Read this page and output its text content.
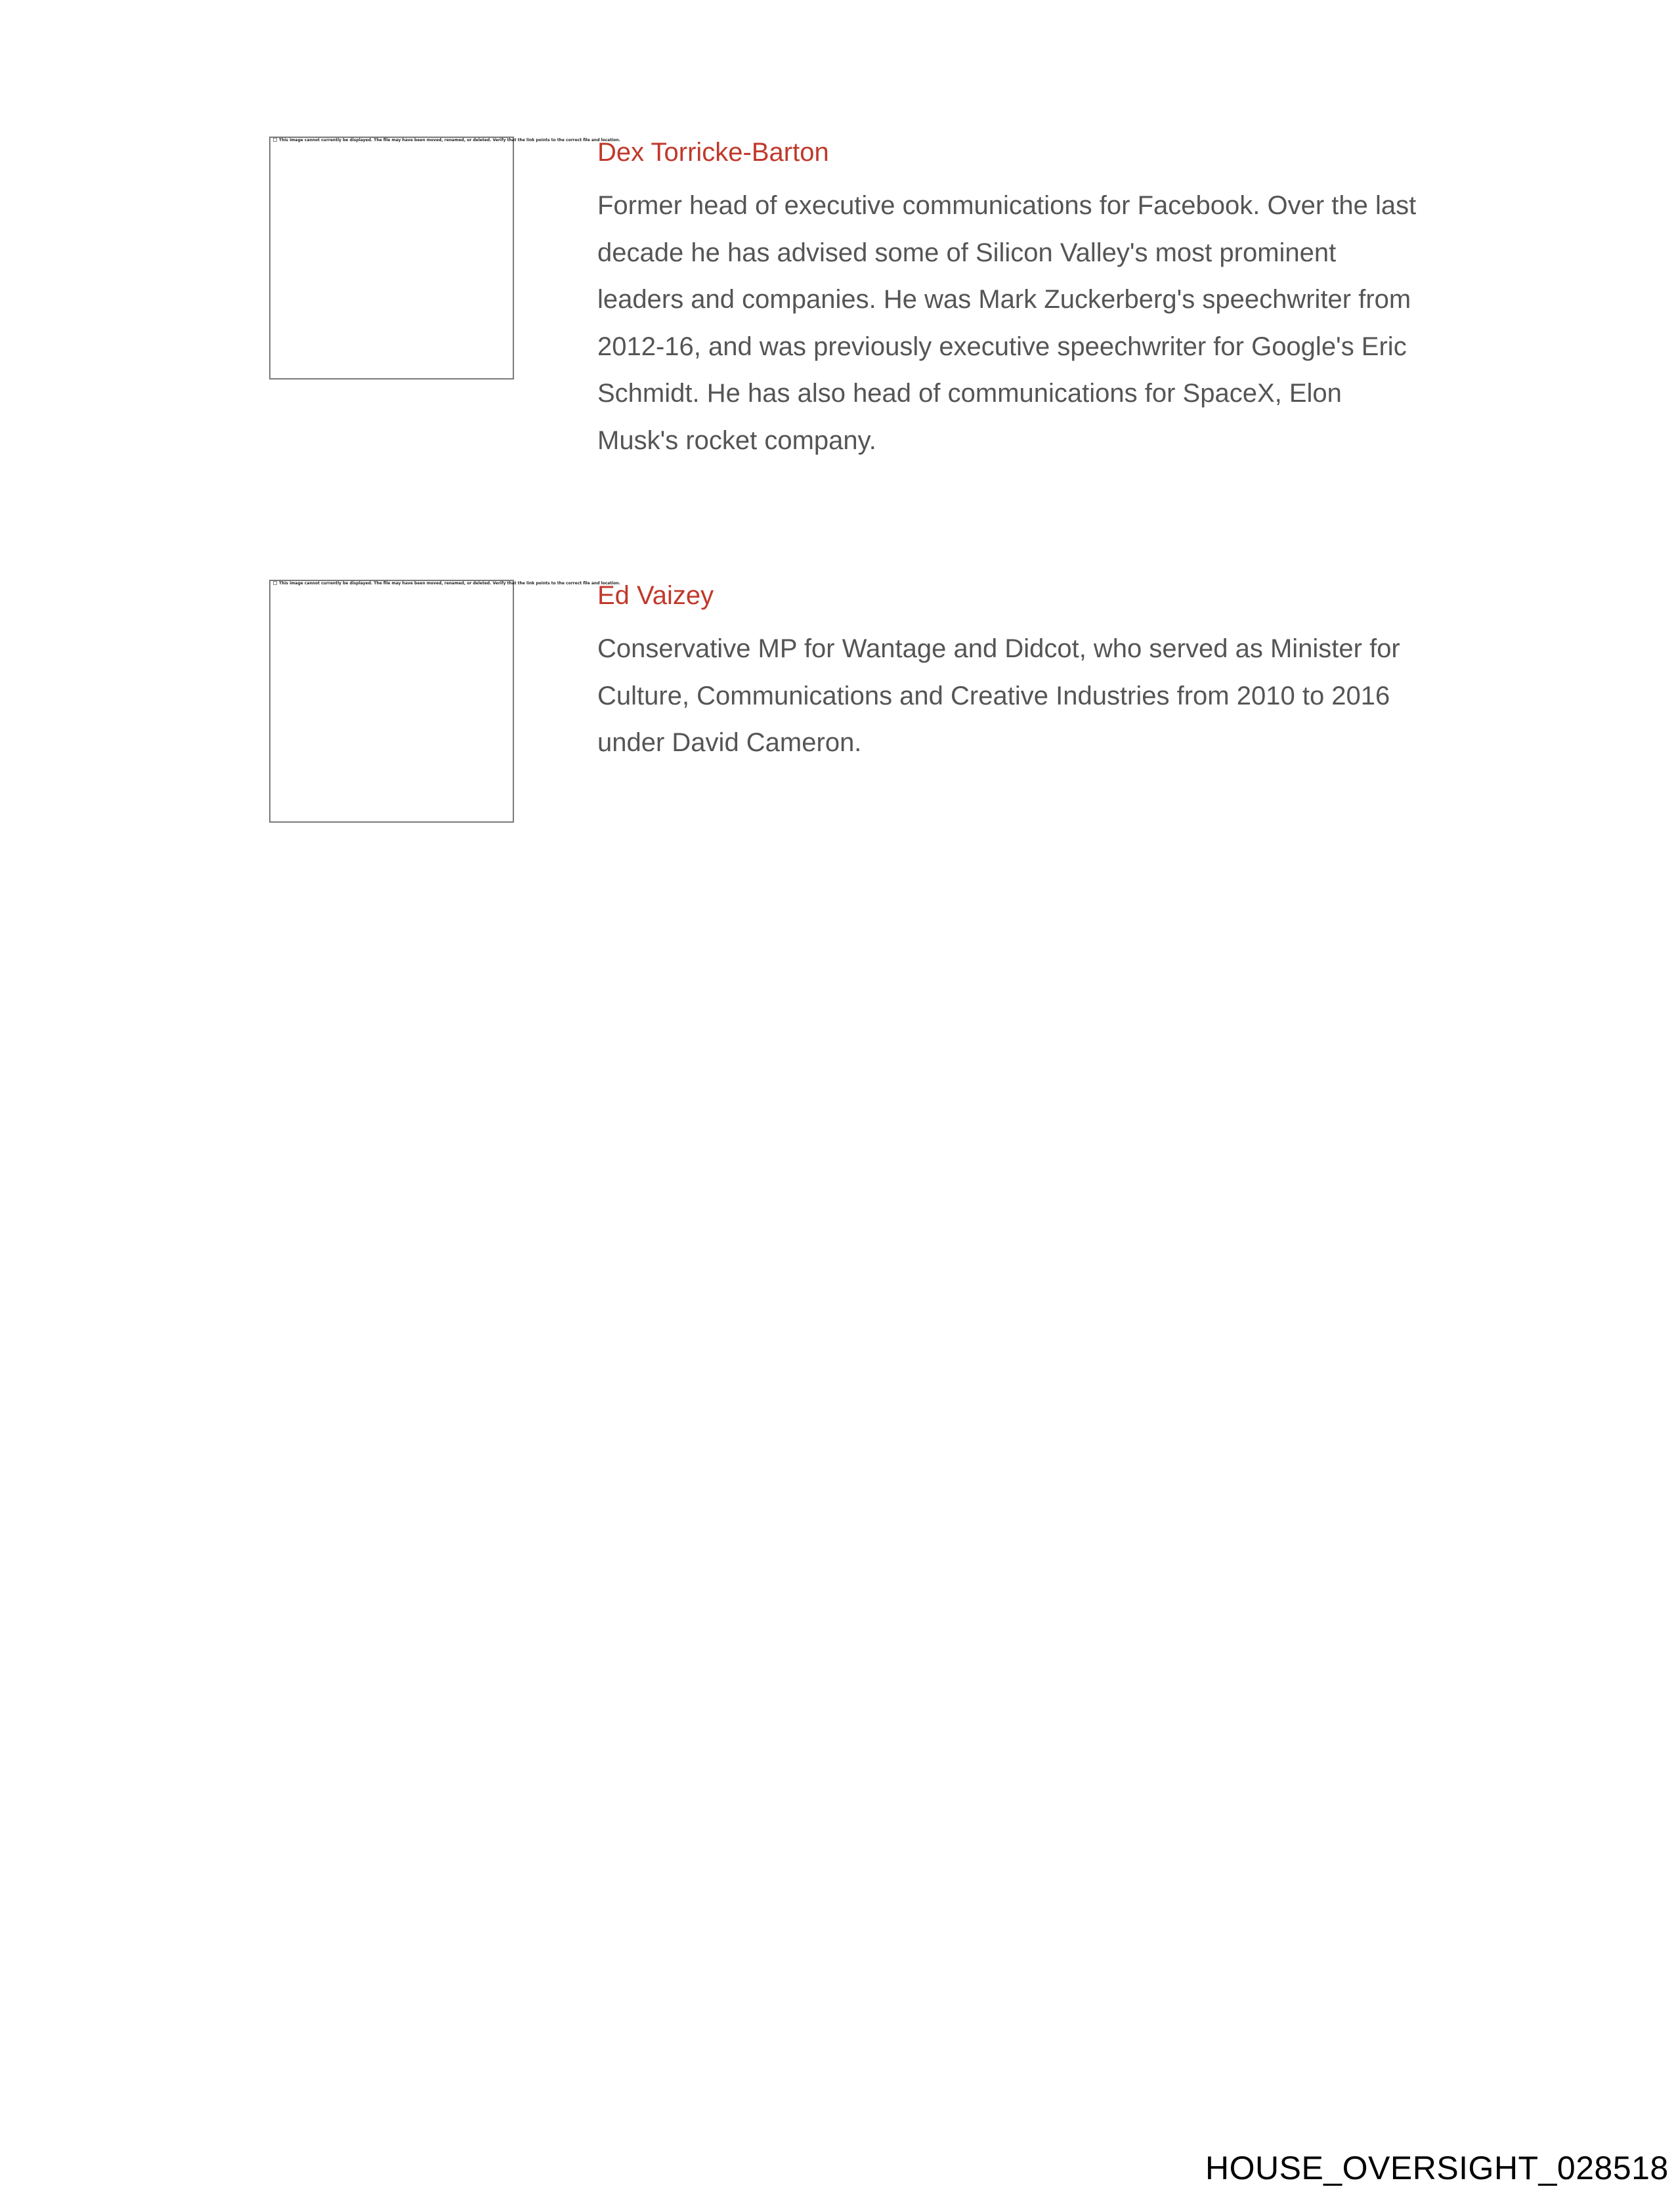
This image cannot currently be displayed. The file may have been moved, renamed, or deleted. Verify that the link points to the correct file and location.
Dex Torricke-Barton

Former head of executive communications for Facebook. Over the last decade he has advised some of Silicon Valley's most prominent leaders and companies. He was Mark Zuckerberg's speechwriter from 2012-16, and was previously executive speechwriter for Google's Eric Schmidt. He has also head of communications for SpaceX, Elon Musk's rocket company.

This image cannot currently be displayed. The file may have been moved, renamed, or deleted. Verify that the link points to the correct file and location.
Ed Vaizey

Conservative MP for Wantage and Didcot, who served as Minister for Culture, Communications and Creative Industries from 2010 to 2016 under David Cameron.

HOUSE_OVERSIGHT_028518
